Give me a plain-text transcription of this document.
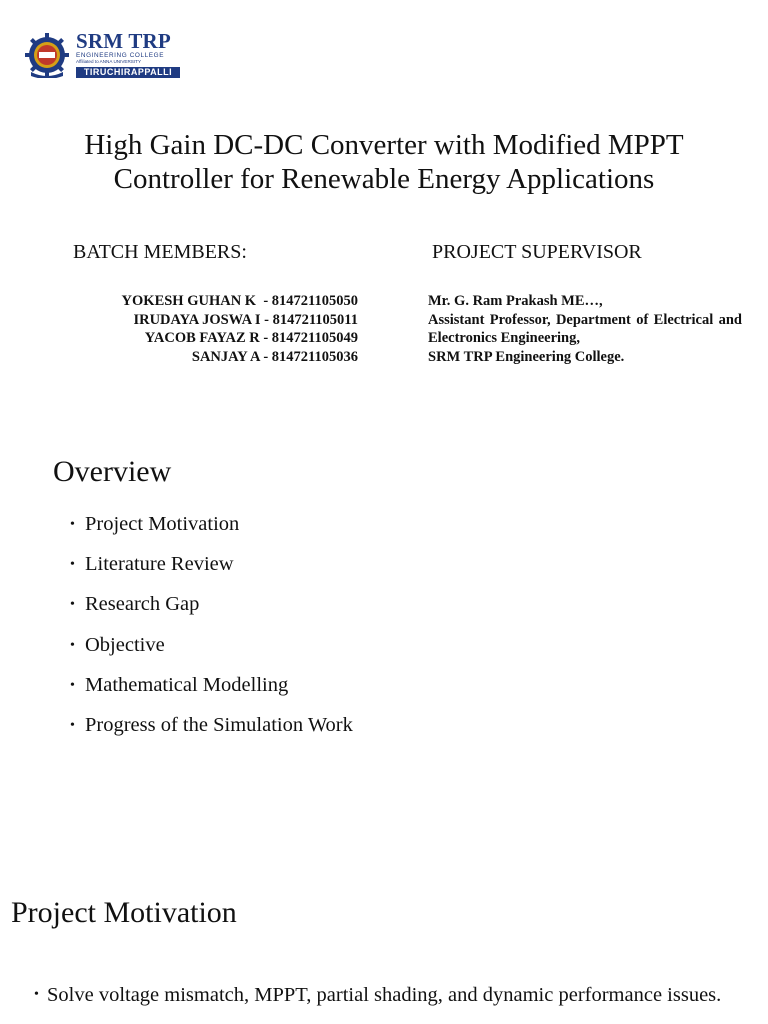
SRM TRP
ENGINEERING COLLEGE
Affiliated to ANNA UNIVERSITY
TIRUCHIRAPPALLI
High Gain DC-DC Converter with Modified MPPT
Controller for Renewable Energy Applications
BATCH MEMBERS:	PROJECT SUPERVISOR
YOKESH GUHAN K  - 814721105050
IRUDAYA JOSWA I - 814721105011
YACOB FAYAZ R - 814721105049
SANJAY A - 814721105036
Mr. G. Ram Prakash ME…,
Assistant Professor, Department of Electrical and Electronics Engineering,
SRM TRP Engineering College.
Overview
• Project Motivation
• Literature Review
• Research Gap
• Objective
• Mathematical Modelling
• Progress of the Simulation Work
Project Motivation
• Solve voltage mismatch, MPPT, partial shading, and dynamic performance issues.
